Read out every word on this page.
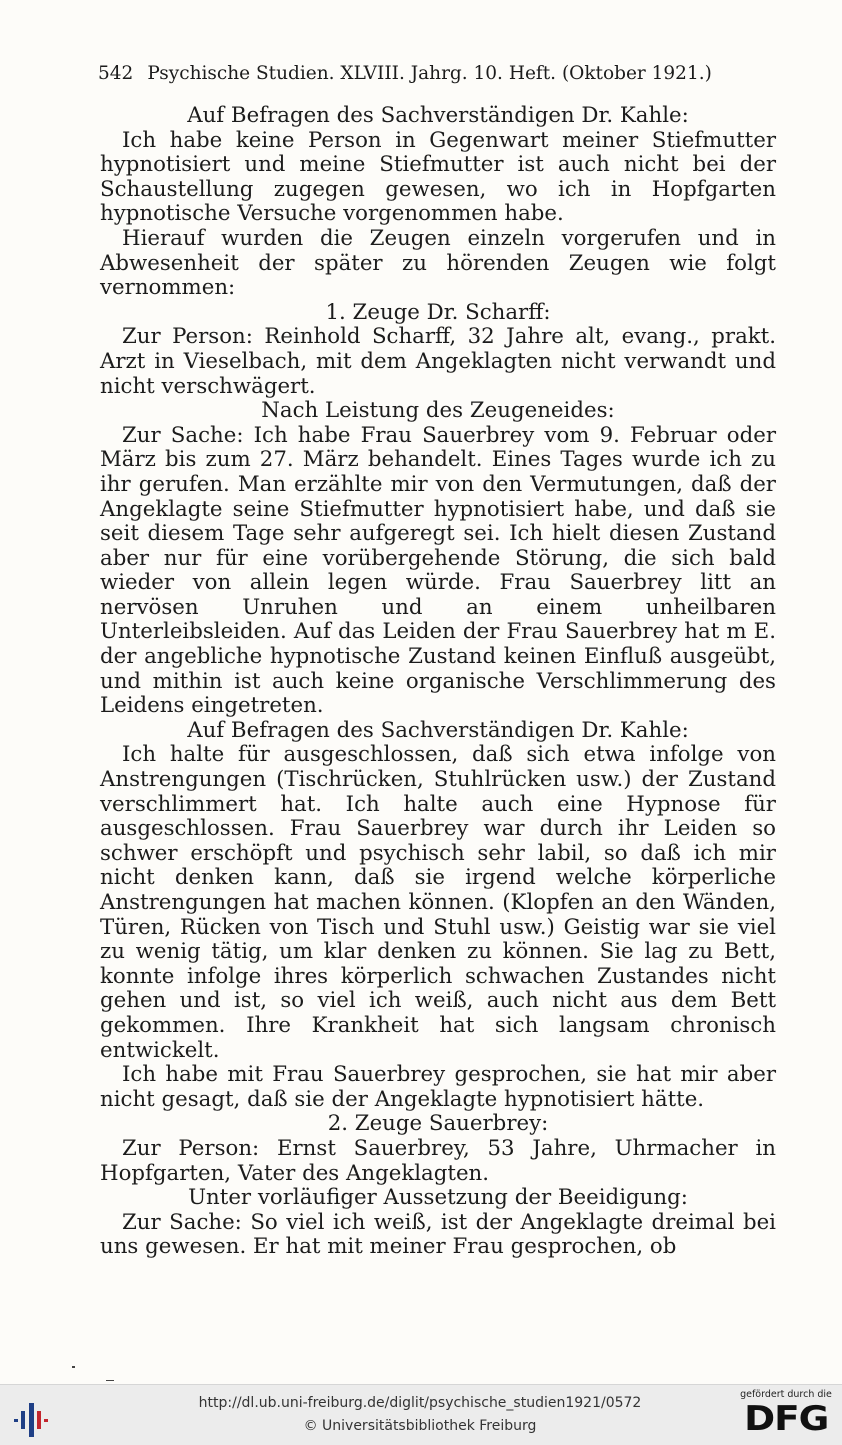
542 Psychische Studien. XLVIII. Jahrg. 10. Heft. (Oktober 1921.)

Auf Befragen des Sachverständigen Dr. Kahle:

Ich habe keine Person in Gegenwart meiner Stiefmutter hypnotisiert und meine Stiefmutter ist auch nicht bei der Schaustellung zugegen gewesen, wo ich in Hopfgarten hypnotische Versuche vorgenommen habe.

Hierauf wurden die Zeugen einzeln vorgerufen und in Abwesenheit der später zu hörenden Zeugen wie folgt vernommen:

1. Zeuge Dr. Scharff:

Zur Person: Reinhold Scharff, 32 Jahre alt, evang., prakt. Arzt in Vieselbach, mit dem Angeklagten nicht verwandt und nicht verschwägert.

Nach Leistung des Zeugeneides:

Zur Sache: Ich habe Frau Sauerbrey vom 9. Februar oder März bis zum 27. März behandelt. Eines Tages wurde ich zu ihr gerufen. Man erzählte mir von den Vermutungen, daß der Angeklagte seine Stiefmutter hypnotisiert habe, und daß sie seit diesem Tage sehr aufgeregt sei. Ich hielt diesen Zustand aber nur für eine vorübergehende Störung, die sich bald wieder von allein legen würde. Frau Sauerbrey litt an nervösen Unruhen und an einem unheilbaren Unterleibsleiden. Auf das Leiden der Frau Sauerbrey hat m E. der angebliche hypnotische Zustand keinen Einfluß ausgeübt, und mithin ist auch keine organische Verschlimmerung des Leidens eingetreten.

Auf Befragen des Sachverständigen Dr. Kahle:

Ich halte für ausgeschlossen, daß sich etwa infolge von Anstrengungen (Tischrücken, Stuhlrücken usw.) der Zustand verschlimmert hat. Ich halte auch eine Hypnose für ausgeschlossen. Frau Sauerbrey war durch ihr Leiden so schwer erschöpft und psychisch sehr labil, so daß ich mir nicht denken kann, daß sie irgend welche körperliche Anstrengungen hat machen können. (Klopfen an den Wänden, Türen, Rücken von Tisch und Stuhl usw.) Geistig war sie viel zu wenig tätig, um klar denken zu können. Sie lag zu Bett, konnte infolge ihres körperlich schwachen Zustandes nicht gehen und ist, so viel ich weiß, auch nicht aus dem Bett gekommen. Ihre Krankheit hat sich langsam chronisch entwickelt.

Ich habe mit Frau Sauerbrey gesprochen, sie hat mir aber nicht gesagt, daß sie der Angeklagte hypnotisiert hätte.

2. Zeuge Sauerbrey:

Zur Person: Ernst Sauerbrey, 53 Jahre, Uhrmacher in Hopfgarten, Vater des Angeklagten.

Unter vorläufiger Aussetzung der Beeidigung:

Zur Sache: So viel ich weiß, ist der Angeklagte dreimal bei uns gewesen. Er hat mit meiner Frau gesprochen, ob

http://dl.ub.uni-freiburg.de/diglit/psychische_studien1921/0572
© Universitätsbibliothek Freiburg
gefördert durch die
DFG
